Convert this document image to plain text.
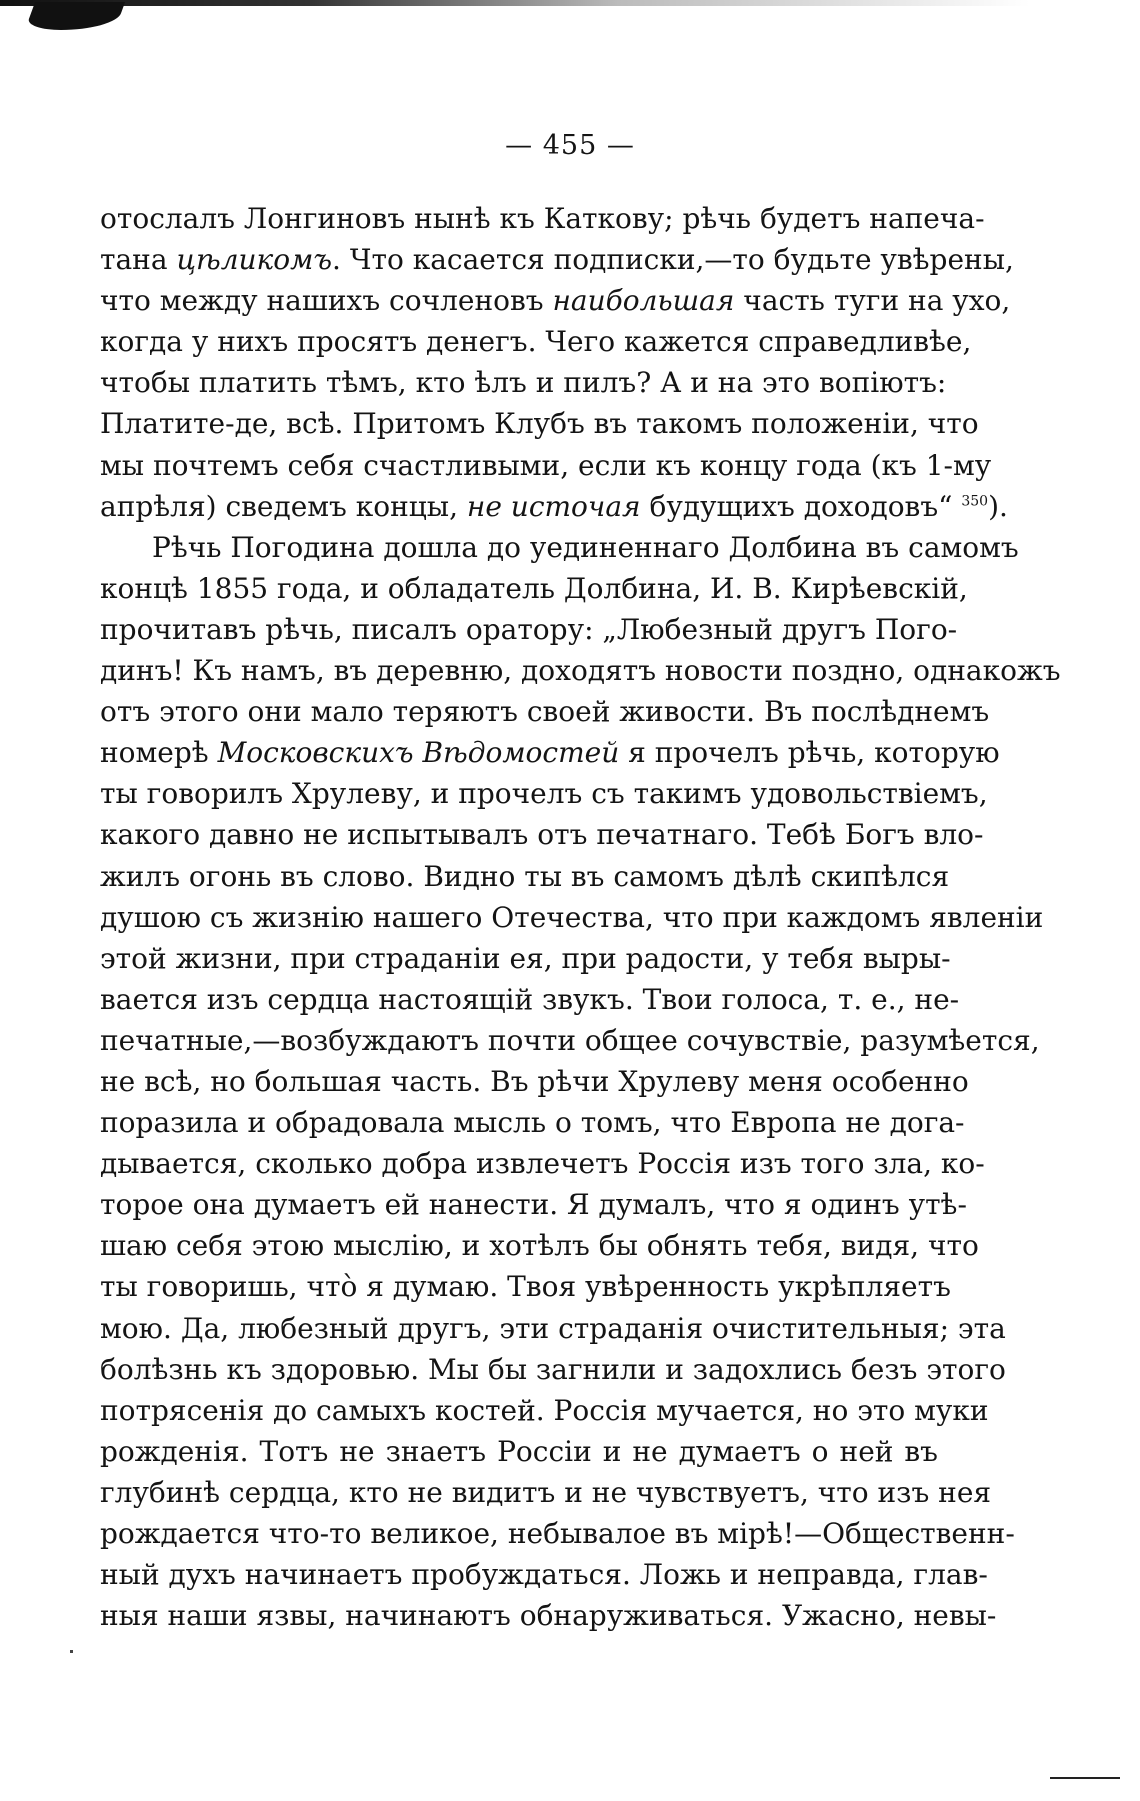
— 455 —
отослалъ Лонгиновъ нынѣ къ Каткову; рѣчь будетъ напеча-
тана цѣликомъ. Что касается подписки,—то будьте увѣрены,
что между нашихъ сочленовъ наибольшая часть туги на ухо,
когда у нихъ просятъ денегъ. Чего кажется справедливѣе,
чтобы платить тѣмъ, кто ѣлъ и пилъ? А и на это вопіютъ:
Платите-де, всѣ. Притомъ Клубъ въ такомъ положеніи, что
мы почтемъ себя счастливыми, если къ концу года (къ 1-му
апрѣля) сведемъ концы, не источая будущихъ доходовъ“ $^{350}$).
Рѣчь Погодина дошла до уединеннаго Долбина въ самомъ
концѣ 1855 года, и обладатель Долбина, И. В. Кирѣевскій,
прочитавъ рѣчь, писалъ оратору: „Любезный другъ Пого-
динъ! Къ намъ, въ деревню, доходятъ новости поздно, однакожъ
отъ этого они мало теряютъ своей живости. Въ послѣднемъ
номерѣ Московскихъ Вѣдомостей я прочелъ рѣчь, которую
ты говорилъ Хрулеву, и прочелъ съ такимъ удовольствіемъ,
какого давно не испытывалъ отъ печатнаго. Тебѣ Богъ вло-
жилъ огонь въ слово. Видно ты въ самомъ дѣлѣ скипѣлся
душою съ жизнію нашего Отечества, что при каждомъ явленіи
этой жизни, при страданіи ея, при радости, у тебя выры-
вается изъ сердца настоящій звукъ. Твои голоса, т. е., не-
печатные,—возбуждаютъ почти общее сочувствіе, разумѣется,
не всѣ, но большая часть. Въ рѣчи Хрулеву меня особенно
поразила и обрадовала мысль о томъ, что Европа не дога-
дывается, сколько добра извлечетъ Россія изъ того зла, ко-
торое она думаетъ ей нанести. Я думалъ, что я одинъ утѣ-
шаю себя этою мыслію, и хотѣлъ бы обнять тебя, видя, что
ты говоришь, что̀ я думаю. Твоя увѣренность укрѣпляетъ
мою. Да, любезный другъ, эти страданія очистительныя; эта
болѣзнь къ здоровью. Мы бы загнили и задохлись безъ этого
потрясенія до самыхъ костей. Россія мучается, но это муки
рожденія. Тотъ не знаетъ Россіи и не думаетъ о ней въ
глубинѣ сердца, кто не видитъ и не чувствуетъ, что изъ нея
рождается что-то великое, небывалое въ мірѣ!—Общественн-
ный духъ начинаетъ пробуждаться. Ложь и неправда, глав-
ныя наши язвы, начинаютъ обнаруживаться. Ужасно, невы-
